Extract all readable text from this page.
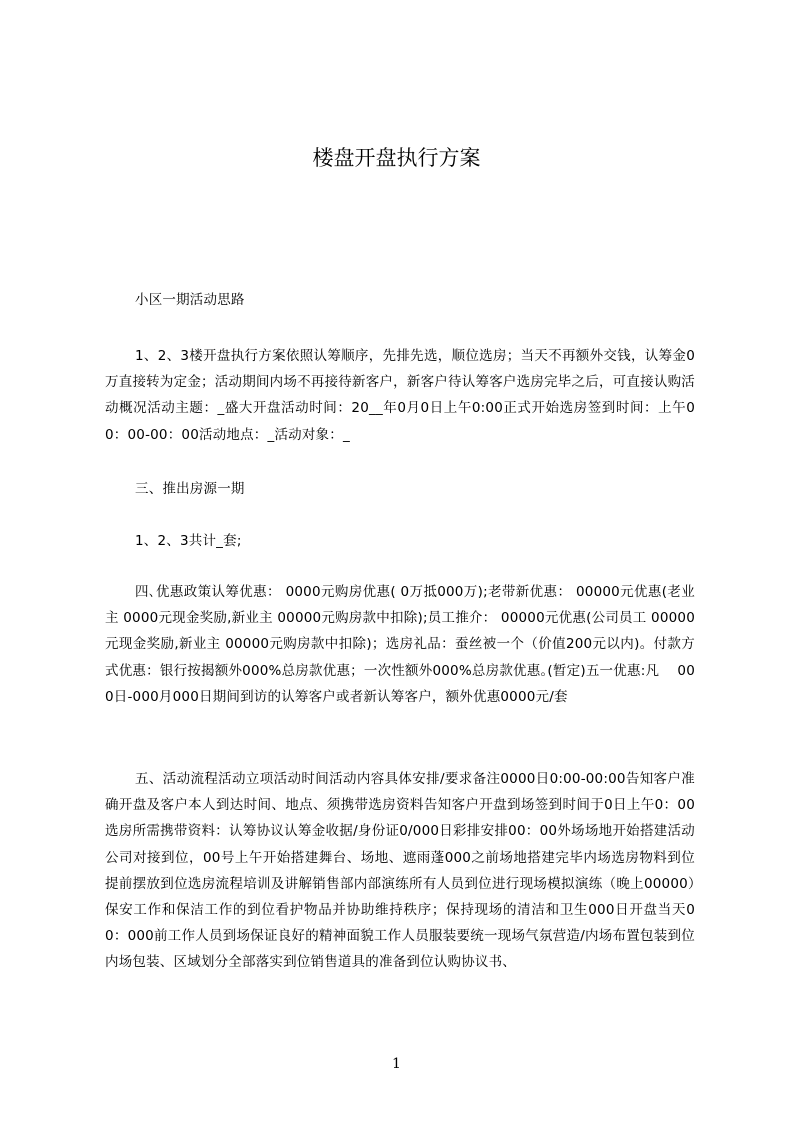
楼盘开盘执行方案
小区一期活动思路
1、2、3楼开盘执行方案依照认筹顺序，先排先选，顺位选房；当天不再额外交钱，认筹金0万直接转为定金；活动期间内场不再接待新客户，新客户待认筹客户选房完毕之后，可直接认购活动概况活动主题：_盛大开盘活动时间：20__年0月0日上午0:00正式开始选房签到时间：上午00：00-00：00活动地点：_活动对象：_
三、推出房源一期
1、2、3共计_套;
四､优惠政策认筹优惠： 0000元购房优惠( 0万抵000万);老带新优惠： 00000元优惠(老业主 0000元现金奖励,新业主 00000元购房款中扣除);员工推介： 00000元优惠(公司员工 00000元现金奖励,新业主 00000元购房款中扣除)；选房礼品：蚕丝被一个（价值200元以内)。付款方式优惠：银行按揭额外000%总房款优惠；一次性额外000%总房款优惠｡(暂定)五一优惠:凡　 000日-000月000日期间到访的认筹客户或者新认筹客户，额外优惠0000元/套
五、活动流程活动立项活动时间活动内容具体安排/要求备注0000日0:00-00:00告知客户准确开盘及客户本人到达时间、地点、须携带选房资料告知客户开盘到场签到时间于0日上午0：00选房所需携带资料：认筹协议认筹金收据/身份证0/000日彩排安排00：00外场场地开始搭建活动公司对接到位，00号上午开始搭建舞台、场地、遮雨蓬000之前场地搭建完毕内场选房物料到位提前摆放到位选房流程培训及讲解销售部内部演练所有人员到位进行现场模拟演练（晚上00000）保安工作和保洁工作的到位看护物品并协助维持秩序；保持现场的清洁和卫生000日开盘当天00：000前工作人员到场保证良好的精神面貌工作人员服装要统一现场气氛营造/内场布置包装到位内场包装、区域划分全部落实到位销售道具的准备到位认购协议书、
1
